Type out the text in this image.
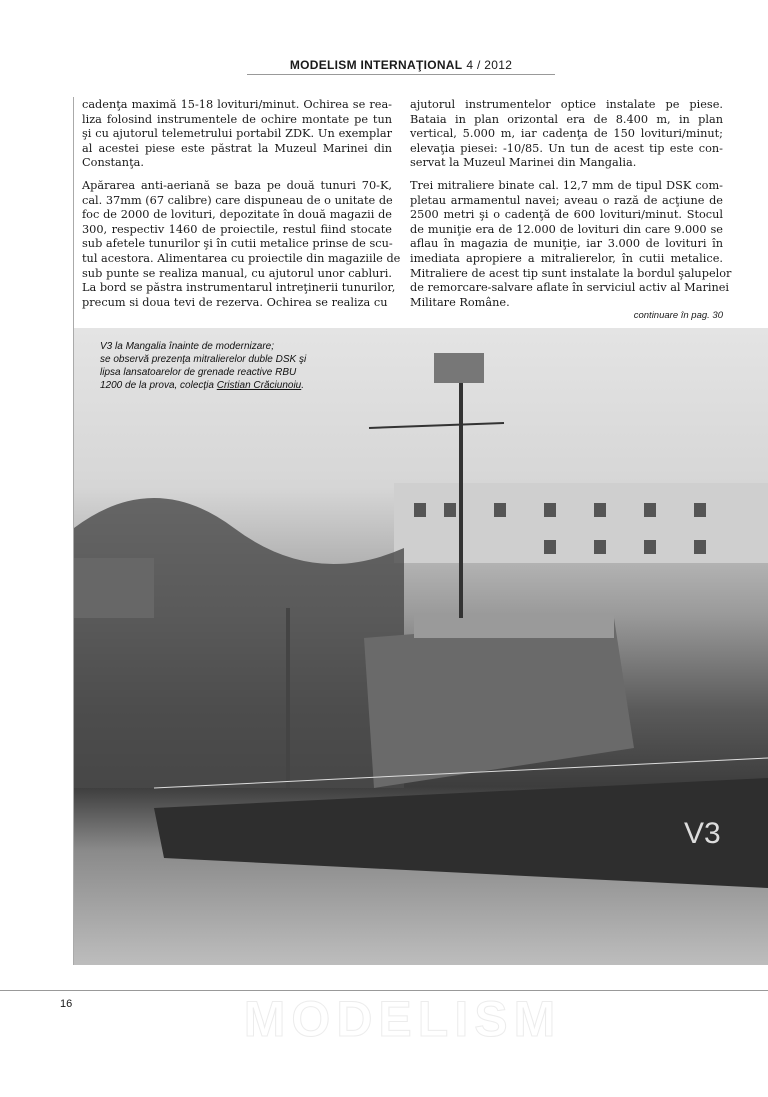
MODELISM INTERNAŢIONAL 4 / 2012
cadenţa maximă 15-18 lovituri/minut. Ochirea se rea-
liza folosind instrumentele de ochire montate pe tun
şi cu ajutorul telemetrului portabil ZDK. Un exemplar
al acestei piese este păstrat la Muzeul Marinei din
Constanţa.
Apărarea anti-aeriană se baza pe două tunuri 70-K,
cal. 37mm (67 calibre) care dispuneau de o unitate de
foc de 2000 de lovituri, depozitate în două magazii de
300, respectiv 1460 de proiectile, restul fiind stocate
sub afetele tunurilor şi în cutii metalice prinse de scu-
tul acestora. Alimentarea cu proiectile din magaziile de
sub punte se realiza manual, cu ajutorul unor cabluri.
La bord se păstra instrumentarul intreţinerii tunurilor,
precum si doua tevi de rezerva. Ochirea se realiza cu
ajutorul instrumentelor optice instalate pe piese.
Bataia in plan orizontal era de 8.400 m, in plan
vertical, 5.000 m, iar cadenţa de 150 lovituri/minut;
elevaţia piesei: -10/85. Un tun de acest tip este con-
servat la Muzeul Marinei din Mangalia.
Trei mitraliere binate cal. 12,7 mm de tipul DSK com-
pletau armamentul navei; aveau o rază de acţiune de
2500 metri şi o cadenţă de 600 lovituri/minut. Stocul
de muniţie era de 12.000 de lovituri din care 9.000 se
aflau în magazia de muniţie, iar 3.000 de lovituri în
imediata apropiere a mitralierelor, în cutii metalice.
Mitraliere de acest tip sunt instalate la bordul şalupelor
de remorcare-salvare aflate în serviciul activ al Marinei
Militare Române.
continuare în pag. 30
V3
V3 la Mangalia înainte de modernizare;
se observă prezenţa mitralierelor duble DSK şi
lipsa lansatoarelor de grenade reactive RBU
1200 de la prova, colecţia Cristian Crăciunoiu.
16	MODELISM
